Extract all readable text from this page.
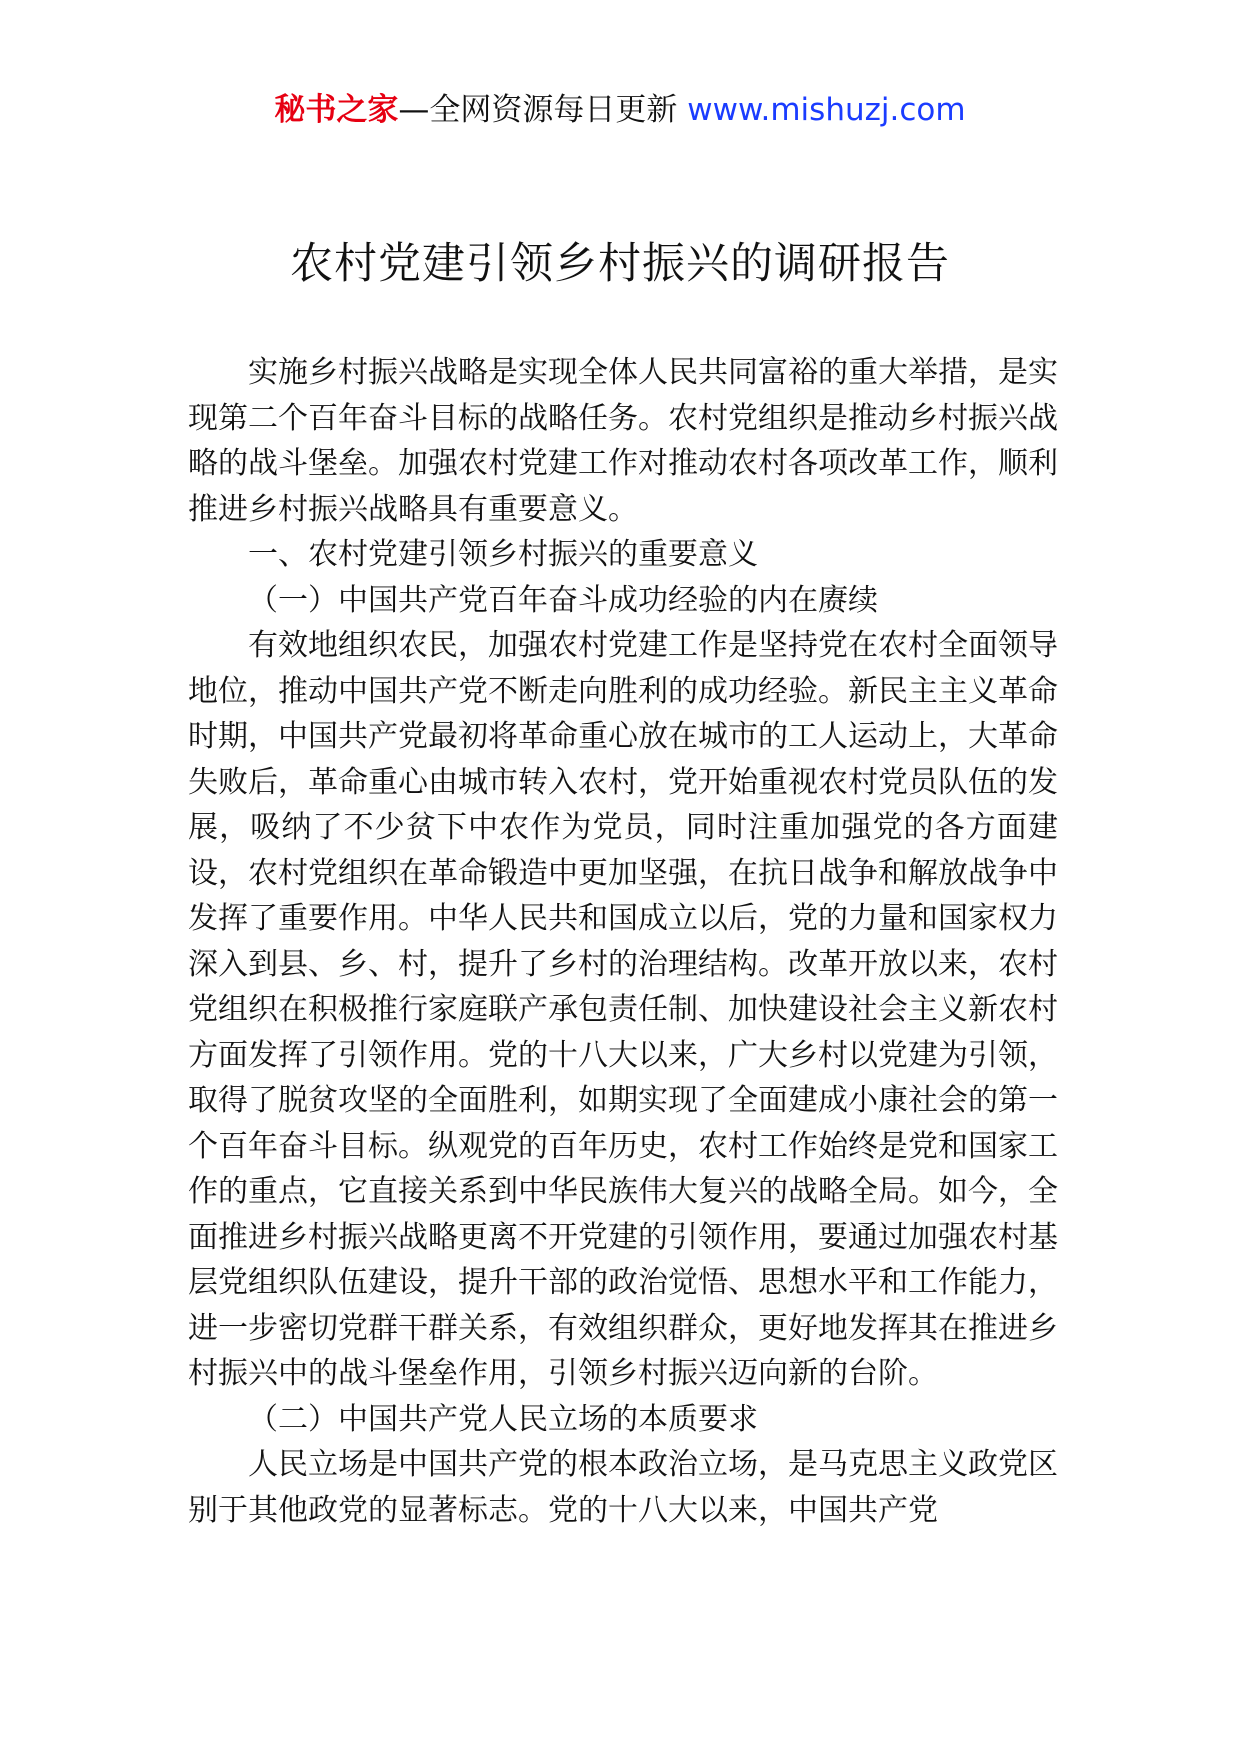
秘书之家—全网资源每日更新 www.mishuzj.com
农村党建引领乡村振兴的调研报告

实施乡村振兴战略是实现全体人民共同富裕的重大举措，是实现第二个百年奋斗目标的战略任务。农村党组织是推动乡村振兴战略的战斗堡垒。加强农村党建工作对推动农村各项改革工作，顺利推进乡村振兴战略具有重要意义。

一、农村党建引领乡村振兴的重要意义

（一）中国共产党百年奋斗成功经验的内在赓续

有效地组织农民，加强农村党建工作是坚持党在农村全面领导地位，推动中国共产党不断走向胜利的成功经验。新民主主义革命时期，中国共产党最初将革命重心放在城市的工人运动上，大革命失败后，革命重心由城市转入农村，党开始重视农村党员队伍的发展，吸纳了不少贫下中农作为党员，同时注重加强党的各方面建设，农村党组织在革命锻造中更加坚强，在抗日战争和解放战争中发挥了重要作用。中华人民共和国成立以后，党的力量和国家权力深入到县、乡、村，提升了乡村的治理结构。改革开放以来，农村党组织在积极推行家庭联产承包责任制、加快建设社会主义新农村方面发挥了引领作用。党的十八大以来，广大乡村以党建为引领，取得了脱贫攻坚的全面胜利，如期实现了全面建成小康社会的第一个百年奋斗目标。纵观党的百年历史，农村工作始终是党和国家工作的重点，它直接关系到中华民族伟大复兴的战略全局。如今，全面推进乡村振兴战略更离不开党建的引领作用，要通过加强农村基层党组织队伍建设，提升干部的政治觉悟、思想水平和工作能力，进一步密切党群干群关系，有效组织群众，更好地发挥其在推进乡村振兴中的战斗堡垒作用，引领乡村振兴迈向新的台阶。

（二）中国共产党人民立场的本质要求

人民立场是中国共产党的根本政治立场，是马克思主义政党区别于其他政党的显著标志。党的十八大以来，中国共产党
